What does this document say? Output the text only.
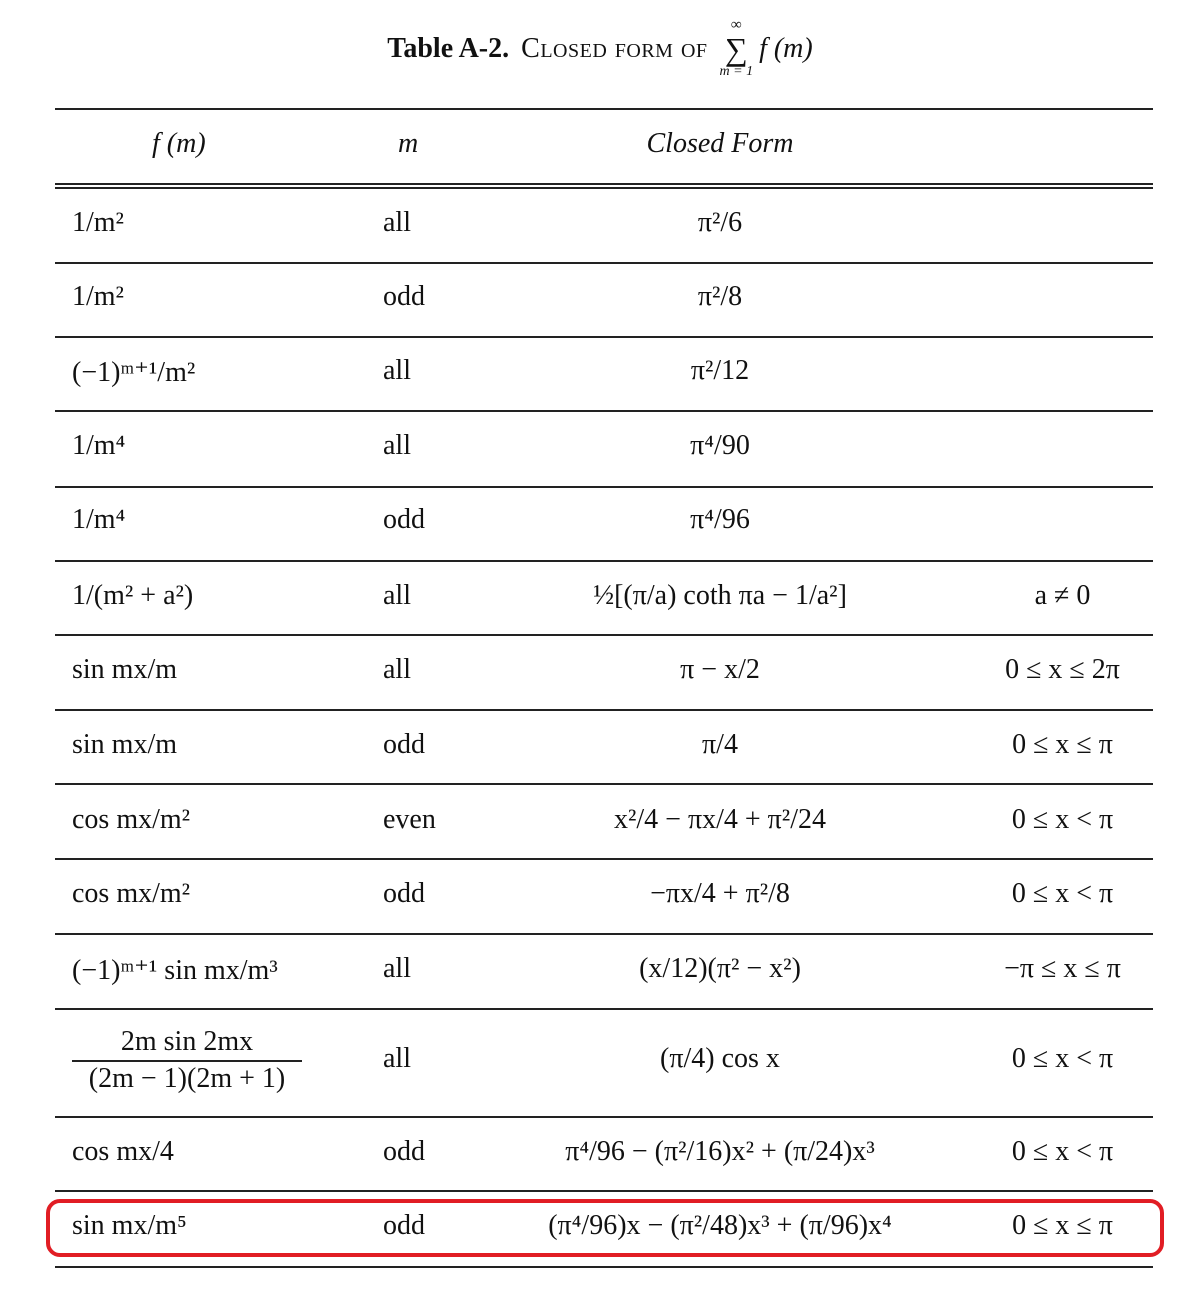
Table A-2. Closed form of
∞
∑
m = 1
f (m)
f (m)	m	Closed Form
1/m²	all	π²/6
1/m²	odd	π²/8
(−1)ᵐ⁺¹/m²	all	π²/12
1/m⁴	all	π⁴/90
1/m⁴	odd	π⁴/96
1/(m² + a²)	all	½[(π/a) coth πa − 1/a²]	a ≠ 0
sin mx/m	all	π − x/2	0 ≤ x ≤ 2π
sin mx/m	odd	π/4	0 ≤ x ≤ π
cos mx/m²	even	x²/4 − πx/4 + π²/24	0 ≤ x < π
cos mx/m²	odd	−πx/4 + π²/8	0 ≤ x < π
(−1)ᵐ⁺¹ sin mx/m³	all	(x/12)(π² − x²)	−π ≤ x ≤ π
$\frac{\text{2m sin 2mx}}{(2m - 1)(2m + 1)}$	all	(π/4) cos x	0 ≤ x < π
cos mx/4	odd	π⁴/96 − (π²/16)x² + (π/24)x³	0 ≤ x < π
sin mx/m⁵	odd	(π⁴/96)x − (π²/48)x³ + (π/96)x⁴	0 ≤ x ≤ π
